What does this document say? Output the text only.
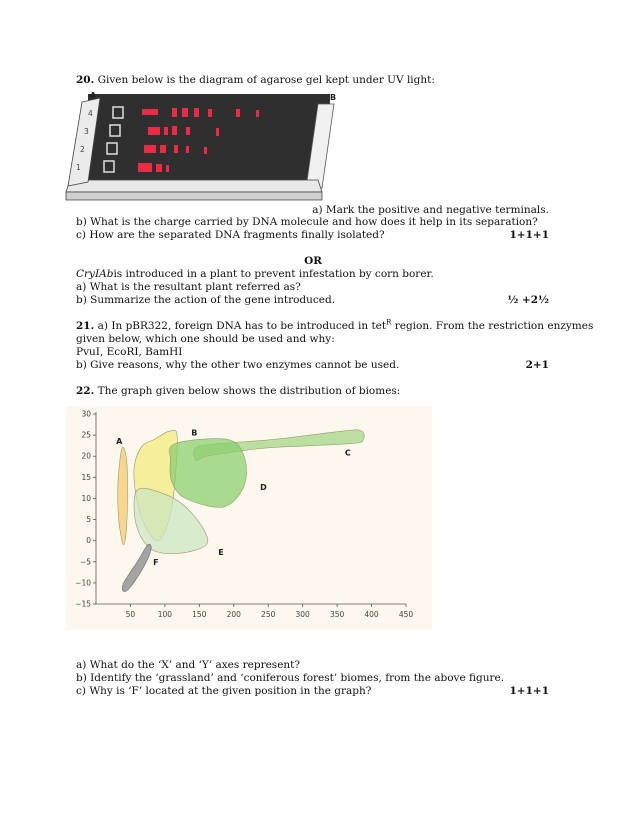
20. Given below is the diagram of agarose gel kept under UV light:
A	B
4
3
2
1
a) Mark the positive and negative terminals.
b) What is the charge carried by DNA molecule and how does it help in its separation?
c) How are the separated DNA fragments finally isolated?	1+1+1
OR
CryIAbis introduced in a plant to prevent infestation by corn borer.
a) What is the resultant plant referred as?
b) Summarize the action of the gene introduced.	½ +2½
21. a) In pBR322, foreign DNA has to be introduced in tet$^R$ region. From the restriction enzymes
given below, which one should be used and why:
PvuI, EcoRI, BamHI
b) Give reasons, why the other two enzymes cannot be used.	2+1
22. The graph given below shows the distribution of biomes:
30
25
20
15
10
5
0
−5
−10
−15
50	100	150	200	250	300	350	400	450
A
B
C
D
E
F
a) What do the ‘X’ and ‘Y’ axes represent?
b) Identify the ‘grassland’ and ‘coniferous forest’ biomes, from the above figure.
c) Why is ‘F’ located at the given position in the graph?	1+1+1
